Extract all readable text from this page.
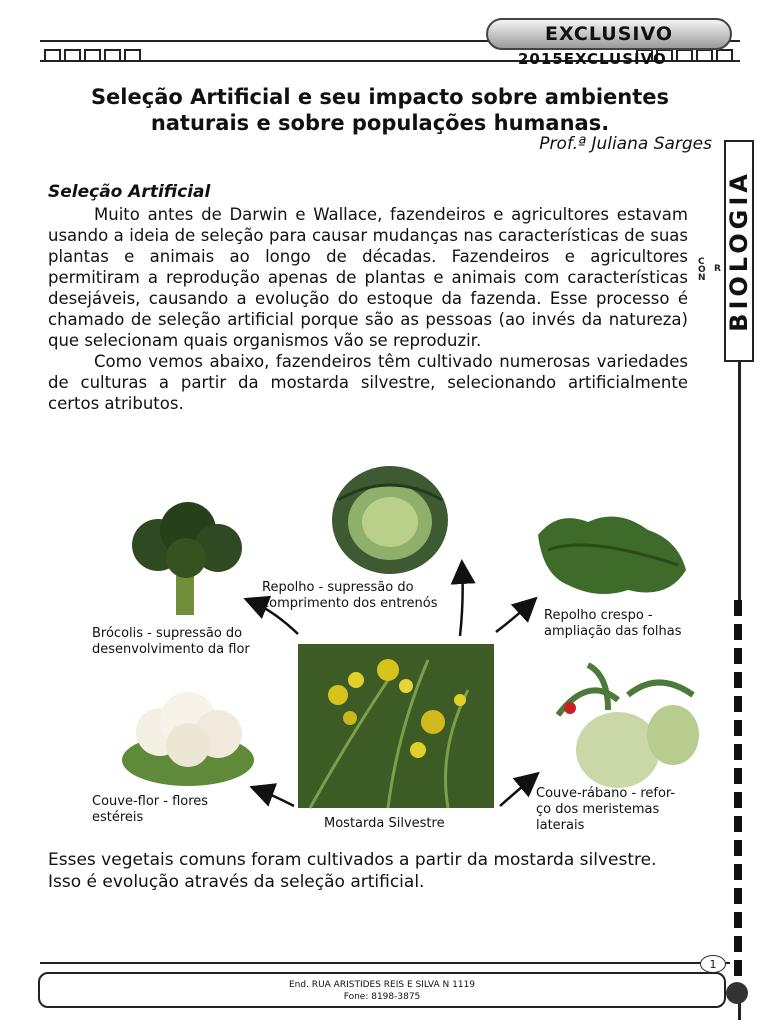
EXCLUSIVO
2015EXCLUSIVO
BIOLOGIA
CO N
R
Seleção Artificial e seu impacto sobre ambientes
naturais e sobre populações humanas.
Prof.ª Juliana Sarges
Seleção Artificial

Muito antes de Darwin e Wallace, fazendeiros e agricultores estavam usando a ideia de seleção para causar mudanças nas características de suas plantas e animais ao longo de décadas. Fazendeiros e agricultores permitiram a reprodução apenas de plantas e animais com características desejáveis, causando a evolução do estoque da fazenda. Esse processo é chamado de seleção artificial porque são as pessoas (ao invés da natureza) que selecionam quais organismos vão se reproduzir.

Como vemos abaixo, fazendeiros têm cultivado numerosas variedades de culturas a partir da mostarda silvestre, selecionando artificialmente certos atributos.

Repolho - supressão do
comprimento dos entrenós
Repolho crespo -
ampliação das folhas
Brócolis - supressão do
desenvolvimento da flor
Couve-flor - flores
estéreis
Couve-rábano - refor-
ço dos meristemas
laterais
Mostarda Silvestre

Esses vegetais comuns foram cultivados a partir da mostarda silvestre. Isso é evolução através da seleção artificial.

1
End. RUA ARISTIDES REIS E SILVA N 1119
Fone: 8198-3875
